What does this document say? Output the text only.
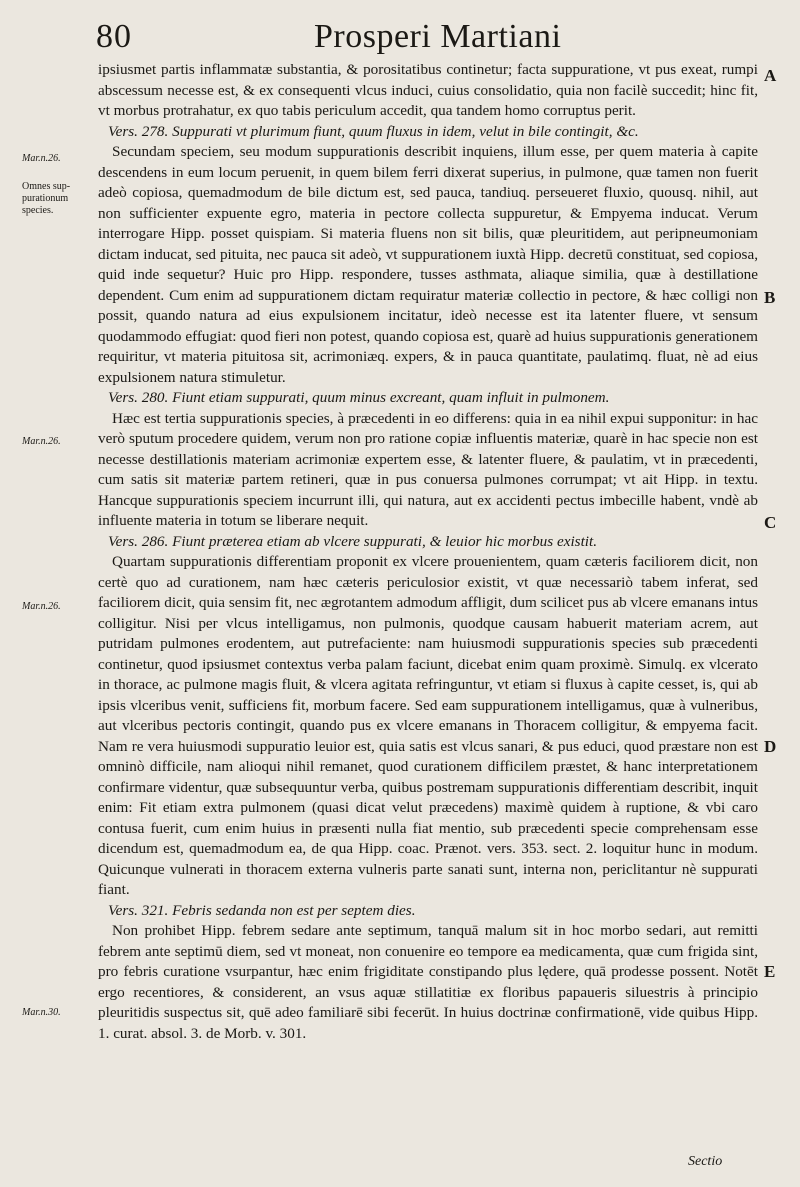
80	Prosperi Martiani
Mar.n.26.
Omnes sup-purationum species.
Mar.n.26.
Mar.n.26.
Mar.n.30.
A
B
C
D
E

ipsiusmet partis inflammatæ substantia, & porositatibus continetur; facta suppuratione, vt pus exeat, rumpi abscessum necesse est, & ex consequenti vlcus induci, cuius consolidatio, quia non facilè succedit; hinc fit, vt morbus protrahatur, ex quo tabis periculum accedit, qua tandem homo corruptus perit.

Vers. 278. Suppurati vt plurimum fiunt, quum fluxus in idem, velut in bile contingit, &c.

Secundam speciem, seu modum suppurationis describit inquiens, illum esse, per quem materia à capite descendens in eum locum peruenit, in quem bilem ferri dixerat superius, in pulmone, quæ tamen non fuerit adeò copiosa, quemadmodum de bile dictum est, sed pauca, tandiuq. perseueret fluxio, quousq. nihil, aut non sufficienter expuente egro, materia in pectore collecta suppuretur, & Empyema inducat. Verum interrogare Hipp. posset quispiam. Si materia fluens non sit bilis, quæ pleuritidem, aut peripneumoniam dictam inducat, sed pituita, nec pauca sit adeò, vt suppurationem iuxtà Hipp. decretū constituat, sed copiosa, quid inde sequetur? Huic pro Hipp. respondere, tusses asthmata, aliaque similia, quæ à destillatione dependent. Cum enim ad suppurationem dictam requiratur materiæ collectio in pectore, & hæc colligi non possit, quando natura ad eius expulsionem incitatur, ideò necesse est ita latenter fluere, vt sensum quodammodo effugiat: quod fieri non potest, quando copiosa est, quarè ad huius suppurationis generationem requiritur, vt materia pituitosa sit, acrimoniæq. expers, & in pauca quantitate, paulatimq. fluat, nè ad eius expulsionem natura stimuletur.

Vers. 280. Fiunt etiam suppurati, quum minus excreant, quam influit in pulmonem.

Hæc est tertia suppurationis species, à præcedenti in eo differens: quia in ea nihil expui supponitur: in hac verò sputum procedere quidem, verum non pro ratione copiæ influentis materiæ, quarè in hac specie non est necesse destillationis materiam acrimoniæ expertem esse, & latenter fluere, & paulatim, vt in præcedenti, cum satis sit materiæ partem retineri, quæ in pus conuersa pulmones corrumpat; vt ait Hipp. in textu. Hancque suppurationis speciem incurrunt illi, qui natura, aut ex accidenti pectus imbecille habent, vndè ab influente materia in totum se liberare nequit.

Vers. 286. Fiunt præterea etiam ab vlcere suppurati, & leuior hic morbus existit.

Quartam suppurationis differentiam proponit ex vlcere prouenientem, quam cæteris faciliorem dicit, non certè quo ad curationem, nam hæc cæteris periculosior existit, vt quæ necessariò tabem inferat, sed faciliorem dicit, quia sensim fit, nec ægrotantem admodum affligit, dum scilicet pus ab vlcere emanans intus colligitur. Nisi per vlcus intelligamus, non pulmonis, quodque causam habuerit materiam acrem, aut putridam pulmones erodentem, aut putrefaciente: nam huiusmodi suppurationis species sub præcedenti continetur, quod ipsiusmet contextus verba palam faciunt, dicebat enim quam proximè. Simulq. ex vlcerato in thorace, ac pulmone magis fluit, & vlcera agitata refringuntur, vt etiam si fluxus à capite cesset, is, qui ab ipsis vlceribus venit, sufficiens fit, morbum facere. Sed eam suppurationem intelligamus, quæ à vulneribus, aut vlceribus pectoris contingit, quando pus ex vlcere emanans in Thoracem colligitur, & empyema facit. Nam re vera huiusmodi suppuratio leuior est, quia satis est vlcus sanari, & pus educi, quod præstare non est omninò difficile, nam alioqui nihil remanet, quod curationem difficilem præstet, & hanc interpretationem confirmare videntur, quæ subsequuntur verba, quibus postremam suppurationis differentiam describit, inquit enim: Fit etiam extra pulmonem (quasi dicat velut præcedens) maximè quidem à ruptione, & vbi caro contusa fuerit, cum enim huius in præsenti nulla fiat mentio, sub præcedenti specie comprehensam esse dicendum est, quemadmodum ea, de qua Hipp. coac. Prænot. vers. 353. sect. 2. loquitur hunc in modum. Quicunque vulnerati in thoracem externa vulneris parte sanati sunt, interna non, periclitantur nè suppurati fiant.

Vers. 321. Febris sedanda non est per septem dies.

Non prohibet Hipp. febrem sedare ante septimum, tanquā malum sit in hoc morbo sedari, aut remitti febrem ante septimū diem, sed vt moneat, non conuenire eo tempore ea medicamenta, quæ cum frigida sint, pro febris curatione vsurpantur, hæc enim frigiditate constipando plus lędere, quā prodesse possent. Notēt ergo recentiores, & considerent, an vsus aquæ stillatitiæ ex floribus papaueris siluestris à principio pleuritidis suspectus sit, quē adeo familiarē sibi fecerūt. In huius doctrinæ confirmationē, vide quibus Hipp. 1. curat. absol. 3. de Morb. v. 301.

Sectio
